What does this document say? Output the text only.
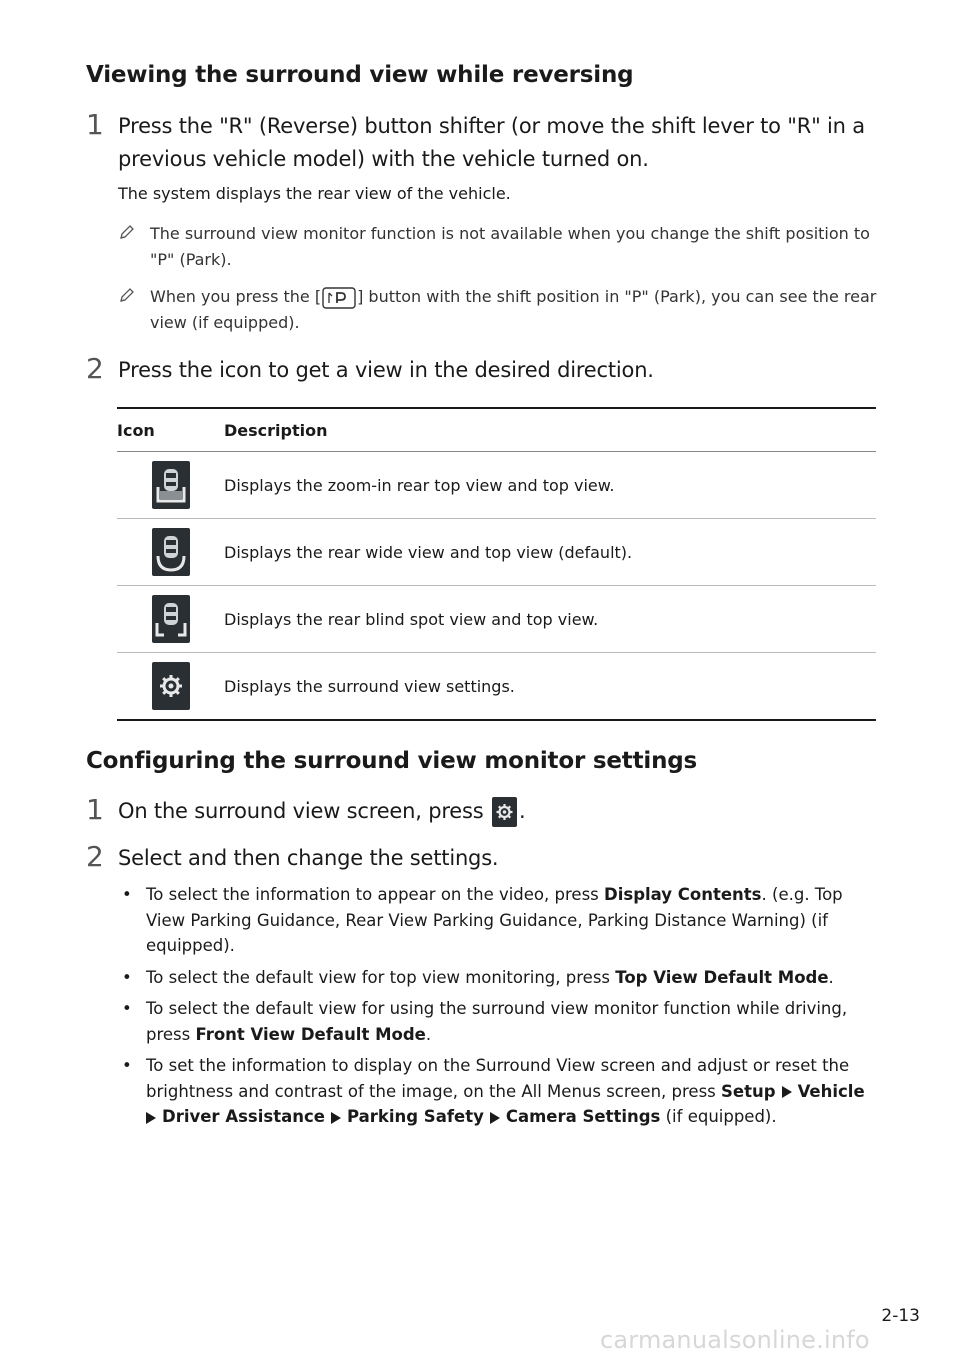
Viewing the surround view while reversing
1 Press the "R" (Reverse) button shifter (or move the shift lever to "R" in a previous vehicle model) with the vehicle turned on.
The system displays the rear view of the vehicle.
The surround view monitor function is not available when you change the shift position to "P" (Park).
When you press the [ ] button with the shift position in "P" (Park), you can see the rear view (if equipped).
2 Press the icon to get a view in the desired direction.
Icon	Description
	Displays the zoom-in rear top view and top view.
	Displays the rear wide view and top view (default).
	Displays the rear blind spot view and top view.
	Displays the surround view settings.
Configuring the surround view monitor settings
1 On the surround view screen, press .
2 Select and then change the settings.
• To select the information to appear on the video, press Display Contents. (e.g. Top View Parking Guidance, Rear View Parking Guidance, Parking Distance Warning) (if equipped).
• To select the default view for top view monitoring, press Top View Default Mode.
• To select the default view for using the surround view monitor function while driving, press Front View Default Mode.
• To set the information to display on the Surround View screen and adjust or reset the brightness and contrast of the image, on the All Menus screen, press Setup Vehicle Driver Assistance Parking Safety Camera Settings (if equipped).
2-13
carmanualsonline.info
